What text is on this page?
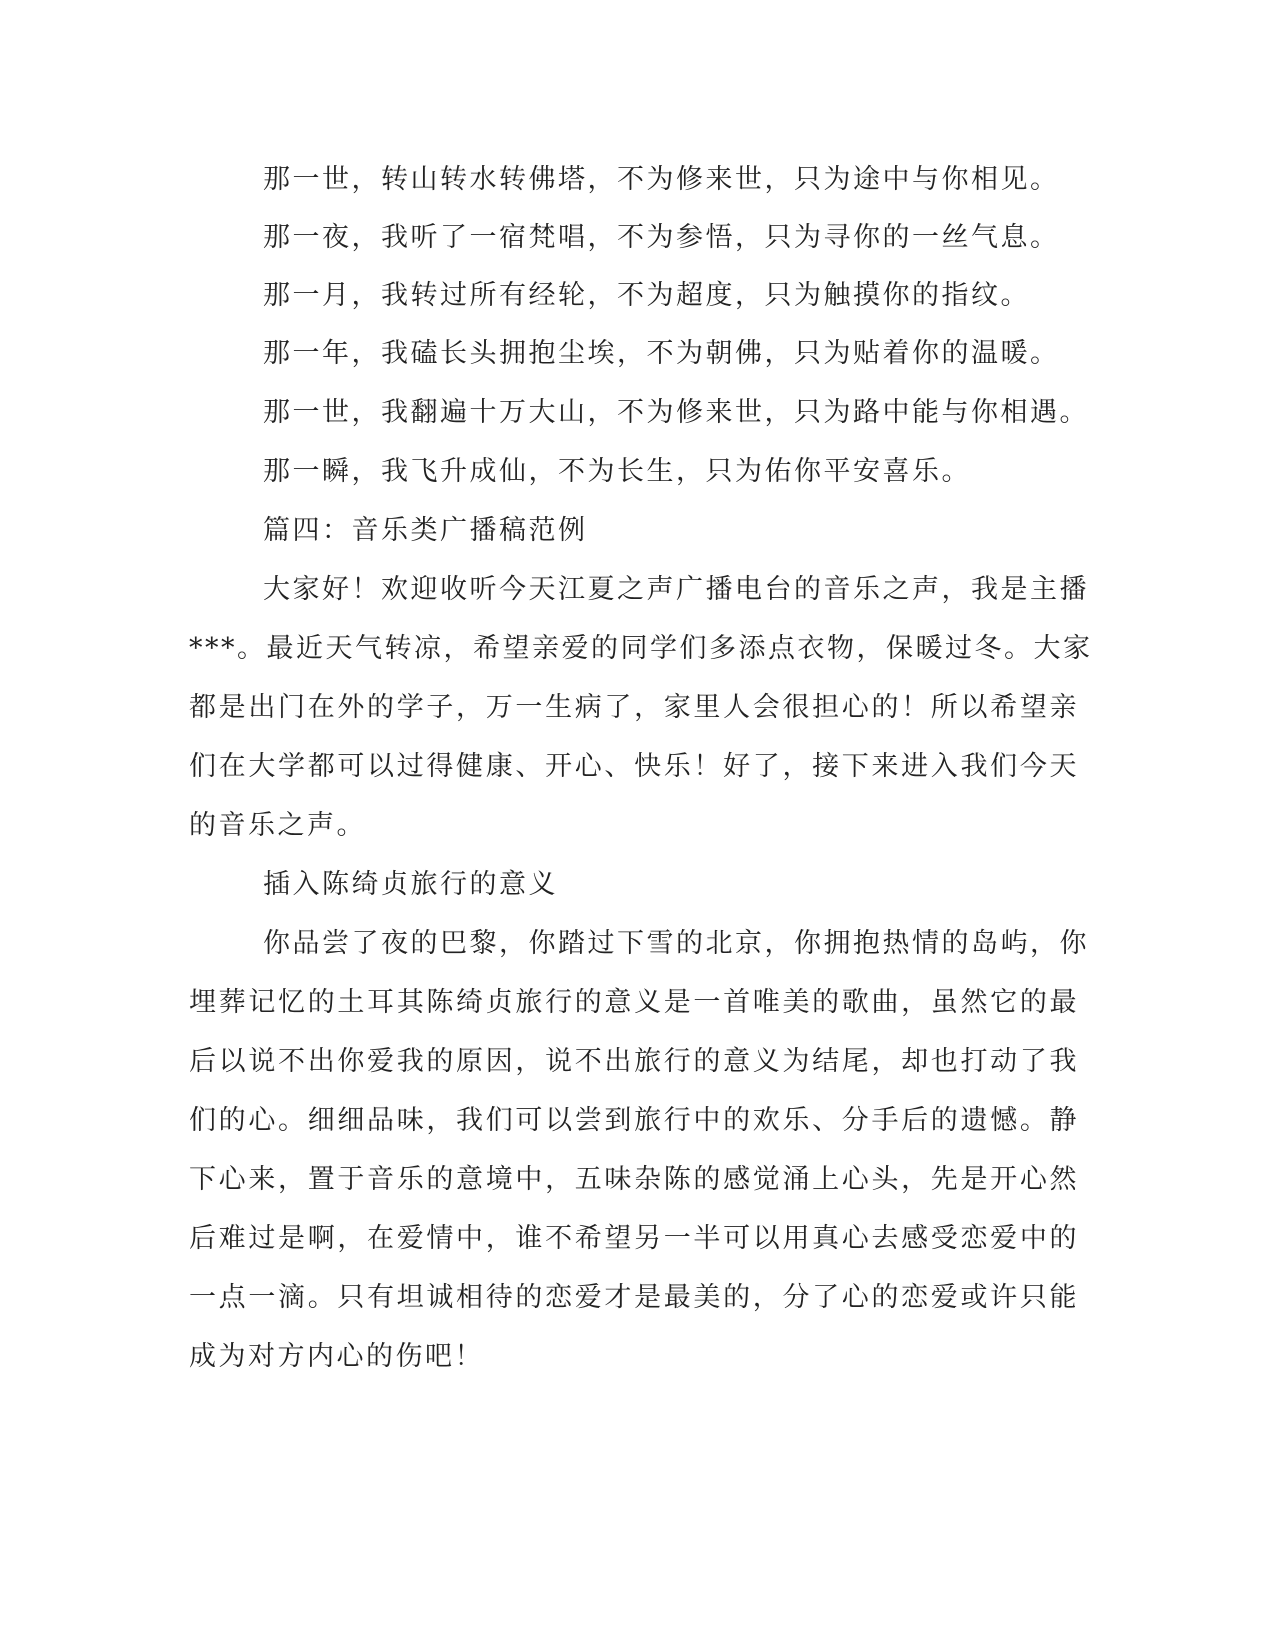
那一世，转山转水转佛塔，不为修来世，只为途中与你相见。
那一夜，我听了一宿梵唱，不为参悟，只为寻你的一丝气息。
那一月，我转过所有经轮，不为超度，只为触摸你的指纹。
那一年，我磕长头拥抱尘埃，不为朝佛，只为贴着你的温暖。
那一世，我翻遍十万大山，不为修来世，只为路中能与你相遇。
那一瞬，我飞升成仙，不为长生，只为佑你平安喜乐。
篇四：音乐类广播稿范例
大家好！欢迎收听今天江夏之声广播电台的音乐之声，我是主播
***。最近天气转凉，希望亲爱的同学们多添点衣物，保暖过冬。大家
都是出门在外的学子，万一生病了，家里人会很担心的！所以希望亲
们在大学都可以过得健康、开心、快乐！好了，接下来进入我们今天
的音乐之声。
插入陈绮贞旅行的意义
你品尝了夜的巴黎，你踏过下雪的北京，你拥抱热情的岛屿，你
埋葬记忆的土耳其陈绮贞旅行的意义是一首唯美的歌曲，虽然它的最
后以说不出你爱我的原因，说不出旅行的意义为结尾，却也打动了我
们的心。细细品味，我们可以尝到旅行中的欢乐、分手后的遗憾。静
下心来，置于音乐的意境中，五味杂陈的感觉涌上心头，先是开心然
后难过是啊，在爱情中，谁不希望另一半可以用真心去感受恋爱中的
一点一滴。只有坦诚相待的恋爱才是最美的，分了心的恋爱或许只能
成为对方内心的伤吧！
